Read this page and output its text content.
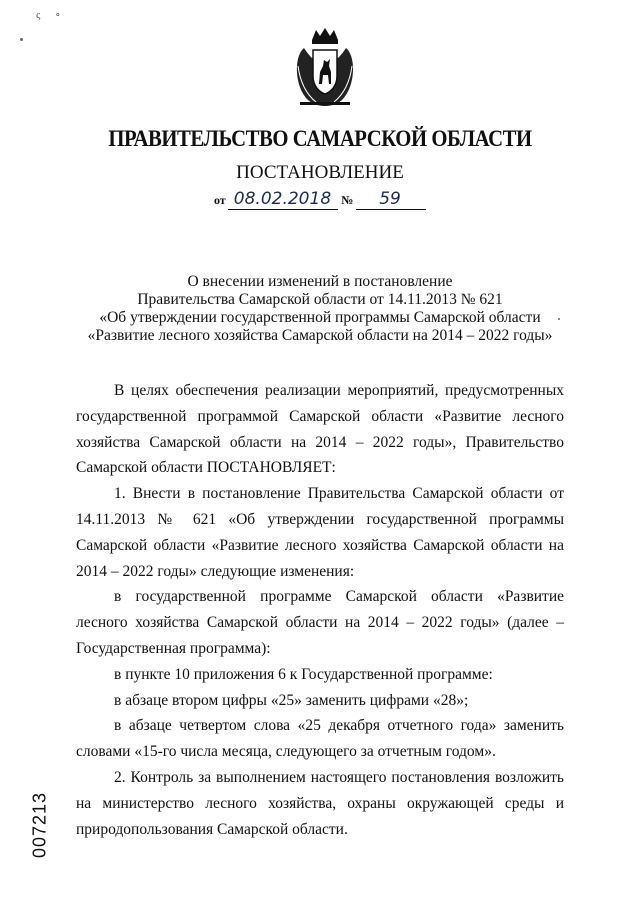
ς ∘
ПРАВИТЕЛЬСТВО САМАРСКОЙ ОБЛАСТИ
ПОСТАНОВЛЕНИЕ
от 08.02.2018 № 59
О внесении изменений в постановление
Правительства Самарской области от 14.11.2013 № 621
«Об утверждении государственной программы Самарской области
«Развитие лесного хозяйства Самарской области на 2014 – 2022 годы»

В целях обеспечения реализации мероприятий, предусмотренных государственной программой Самарской области «Развитие лесного хозяйства Самарской области на 2014 – 2022 годы», Правительство Самарской области ПОСТАНОВЛЯЕТ:

1. Внести в постановление Правительства Самарской области от 14.11.2013 № 621 «Об утверждении государственной программы Самарской области «Развитие лесного хозяйства Самарской области на 2014 – 2022 годы» следующие изменения:

в государственной программе Самарской области «Развитие лесного хозяйства Самарской области на 2014 – 2022 годы» (далее – Государственная программа):

в пункте 10 приложения 6 к Государственной программе:

в абзаце втором цифры «25» заменить цифрами «28»;

в абзаце четвертом слова «25 декабря отчетного года» заменить словами «15-го числа месяца, следующего за отчетным годом».

2. Контроль за выполнением настоящего постановления возложить на министерство лесного хозяйства, охраны окружающей среды и природопользования Самарской области.

007213
